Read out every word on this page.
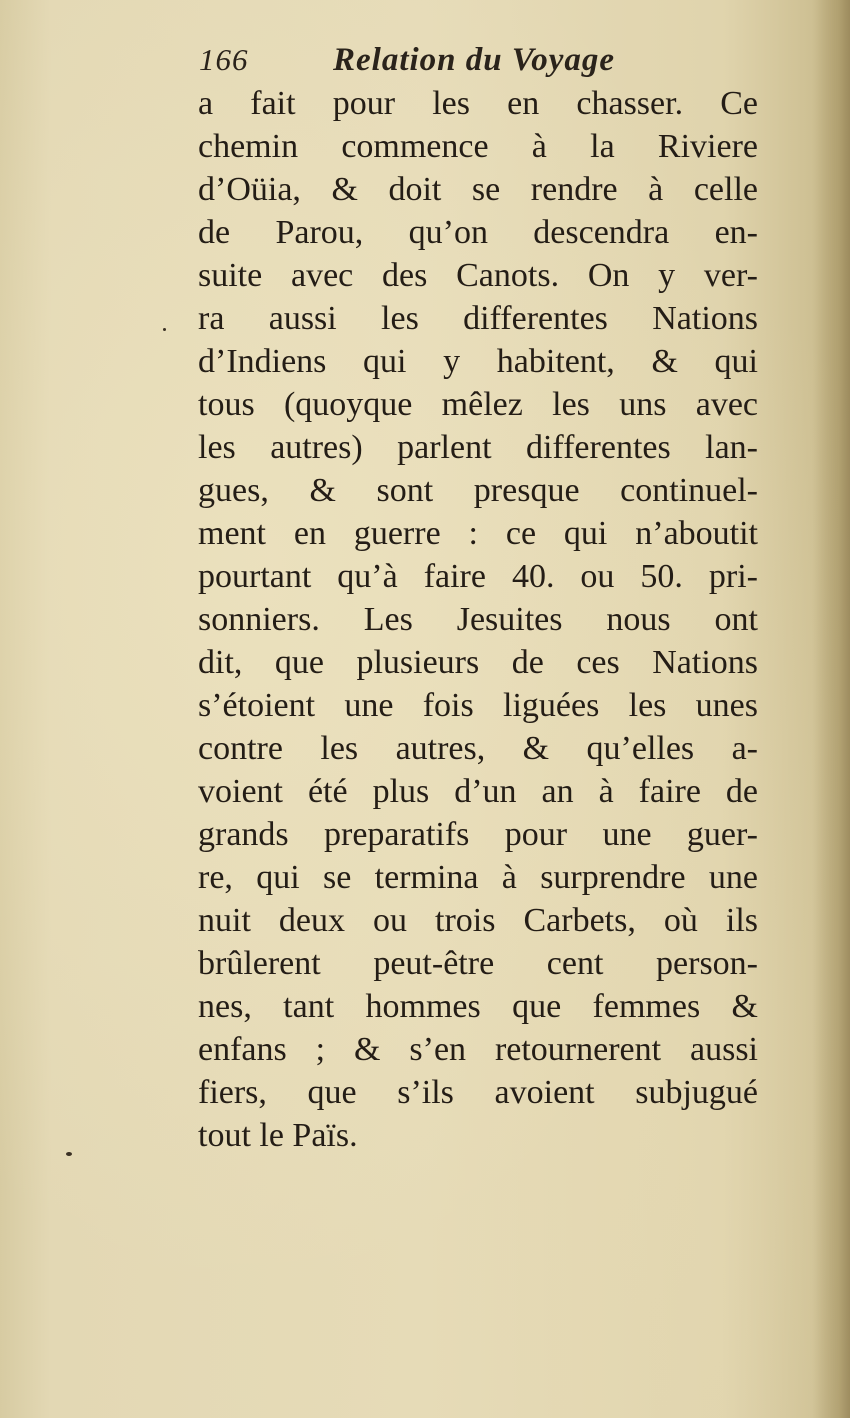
166	Relation du Voyage
a fait pour les en chasser. Ce
chemin commence à la Riviere
d’Oüia, & doit se rendre à celle
de Parou, qu’on descendra en-
suite avec des Canots. On y ver-
ra aussi les differentes Nations
d’Indiens qui y habitent, & qui
tous (quoyque mêlez les uns avec
les autres) parlent differentes lan-
gues, & sont presque continuel-
ment en guerre : ce qui n’aboutit
pourtant qu’à faire 40. ou 50. pri-
sonniers. Les Jesuites nous ont
dit, que plusieurs de ces Nations
s’étoient une fois liguées les unes
contre les autres, & qu’elles a-
voient été plus d’un an à faire de
grands preparatifs pour une guer-
re, qui se termina à surprendre une
nuit deux ou trois Carbets, où ils
brûlerent peut-être cent person-
nes, tant hommes que femmes &
enfans ; & s’en retournerent aussi
fiers, que s’ils avoient subjugué
tout le Païs.
